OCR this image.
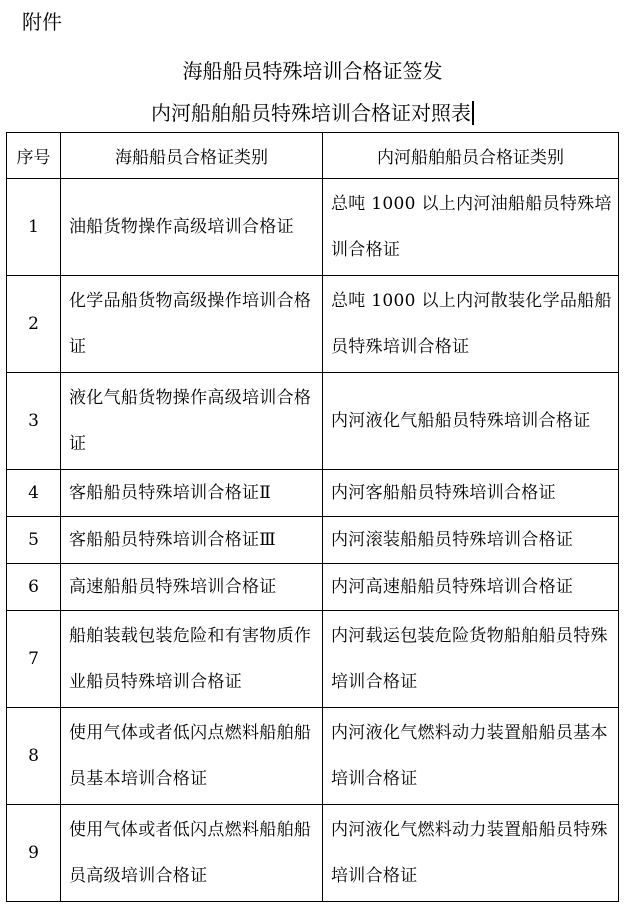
附件
海船船员特殊培训合格证签发
内河船舶船员特殊培训合格证对照表
序号	海船船员合格证类别	内河船舶船员合格证类别
1	油船货物操作高级培训合格证	总吨 1000 以上内河油船船员特殊培训合格证
2	化学品船货物高级操作培训合格证	总吨 1000 以上内河散装化学品船船员特殊培训合格证
3	液化气船货物操作高级培训合格证	内河液化气船船员特殊培训合格证
4	客船船员特殊培训合格证Ⅱ	内河客船船员特殊培训合格证
5	客船船员特殊培训合格证Ⅲ	内河滚装船船员特殊培训合格证
6	高速船船员特殊培训合格证	内河高速船船员特殊培训合格证
7	船舶装载包装危险和有害物质作业船员特殊培训合格证	内河载运包装危险货物船舶船员特殊培训合格证
8	使用气体或者低闪点燃料船舶船员基本培训合格证	内河液化气燃料动力装置船船员基本培训合格证
9	使用气体或者低闪点燃料船舶船员高级培训合格证	内河液化气燃料动力装置船船员特殊培训合格证
